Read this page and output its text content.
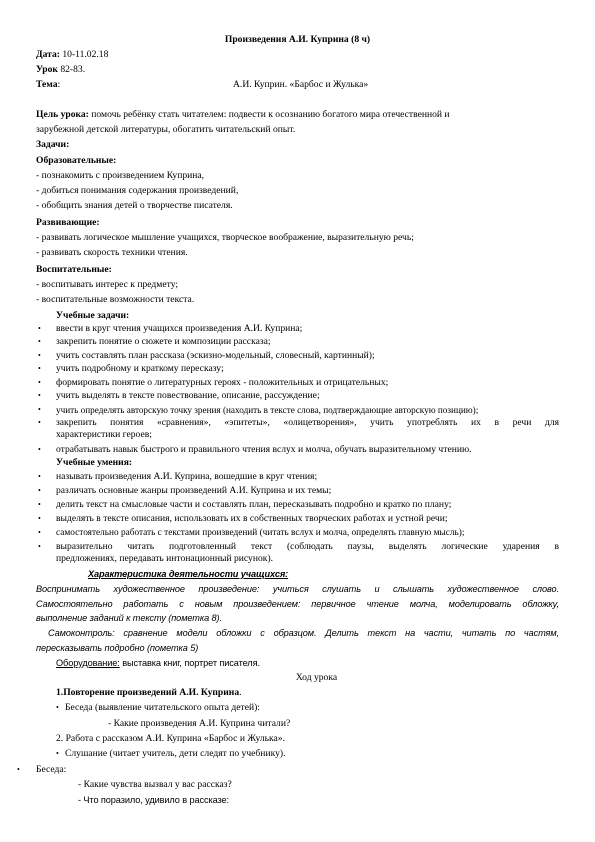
Произведения А.И. Куприна (8 ч)
Дата: 10-11.02.18
Урок 82-83.
Тема:	А.И. Куприн. «Барбос и Жулька»
Цель урока: помочь ребёнку стать читателем: подвести к осознанию богатого мира отечественной и
зарубежной детской литературы, обогатить читательский опыт.
Задачи:
Образовательные:
- познакомить с произведением Куприна,
- добиться понимания содержания произведений,
- обобщить знания детей о творчестве писателя.
Развивающие:
- развивать логическое мышление учащихся, творческое воображение, выразительную речь;
- развивать скорость техники чтения.
Воспитательные:
- воспитывать интерес к предмету;
- воспитательные возможности текста.
Учебные задачи:
• ввести в круг чтения учащихся произведения А.И. Куприна;
• закрепить понятие о сюжете и композиции рассказа;
• учить составлять план рассказа (эскизно-модельный, словесный, картинный);
• учить подробному и краткому пересказу;
• формировать понятие о литературных героях - положительных и отрицательных;
• учить выделять в тексте повествование, описание, рассуждение;
• учить определять авторскую точку зрения (находить в тексте слова, подтверждающие авторскую позицию);
• закрепить понятия «сравнения», «эпитеты», «олицетворения», учить употреблять их в речи для
характеристики героев;
• отрабатывать навык быстрого и правильного чтения вслух и молча, обучать выразительному чтению.
Учебные умения:
• называть произведения А.И. Куприна, вошедшие в круг чтения;
• различать основные жанры произведений А.И. Куприна и их темы;
• делить текст на смысловые части и составлять план, пересказывать подробно и кратко по плану;
• выделять в тексте описания, использовать их в собственных творческих работах и устной речи;
• самостоятельно работать с текстами произведений (читать вслух и молча, определять главную мысль);
• выразительно читать подготовленный текст (соблюдать паузы, выделять логические ударения в
предложениях, передавать интонационный рисунок).
Характеристика деятельности учащихся:
Воспринимать художественное произведение: учиться слушать и слышать художественное слово.
Самостоятельно работать с новым произведением: первичное чтение молча, моделировать обложку,
выполнение заданий к тексту (пометка 8).
Самоконтроль: сравнение модели обложки с образцом. Делить текст на части, читать по частям,
пересказывать подробно (пометка 5)
Оборудование: выставка книг, портрет писателя.
Ход урока
1.Повторение произведений А.И. Куприна.
• Беседа (выявление читательского опыта детей):
- Какие произведения А.И. Куприна читали?
2. Работа с рассказом А.И. Куприна «Барбос и Жулька».
• Слушание (читает учитель, дети следят по учебнику).
• Беседа:
- Какие чувства вызвал у вас рассказ?
- Что поразило, удивило в рассказе:
